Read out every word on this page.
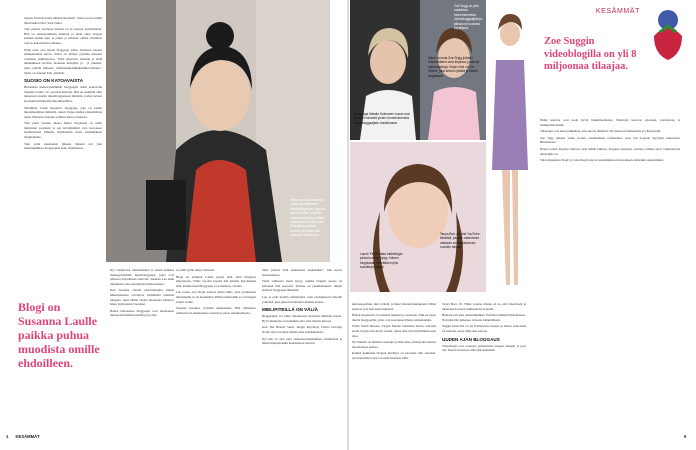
lokaan. Eivät he halua näkää kanveisiin", Seller on korvaillut muotiviikon New York Times.

Vain parissa vuodessa mainen tai ei-vuoteen uusiltamaton. Hän on rekisteröimässä nimensä ja pitää omia vlogeja kolmen tunnin ajan, ja jatkaa ja nahdaan omille sivuilleen vain se kokonainen tarinansa.

Näitä tutut ovat monia bloggaaja jatkaa tiiviiseen nuoren ammattilainen kuvaa. Seller on pitänyt pyörään luksusta ostamaan palkitsijoissa. "Olen mysevärt. Kukaan ei tiedä mitäkäkkeen lavoista luokseen katsojille ja - ja julkisen, jotka pitävät minusta, multkasikkettäkkäkäsikkovahtinut", Seller on sanonut Elle -lehdelle.

SUOSIO ON KATOAVAISTA

Britannian menestyneimmän bloggaajan titteli kantavalle Susanna Laulle, 32, sen tilaa kiistatta. Hän on aiemmin ollut tunnetusti nuoriin muotibloggaajaan ihmisiin, joiden kuvien koostumus miellyttää muotimaailmaa.

Sittemmin Laulle luokseen -bloggaaja, joka on saanut muotimaailman ihmisiltä, kuten Vogue-lehden päätoimittaja Anna Wintouria myöten, julkista tukea ja kiitosta.

Vain parin vuoden aikana hänen blogistaan on tullut lukijoiden suosituin ja sen kävijämäärät ovat kasvaneet merkittävästi. Hänelle myönnettiin myös ensimmäinen blogipalkinto.

Vain parin kuukauden jälkeen hänestä tuli yksi tunnetuimmista bloggaajista koko maailmassa.

Viime vuonna Susanna Laulle sai palkinnon muotibloggaajan, joka on saanut eniten suosiota muotimaailmassa. Bättre mahdollisuus kuin muut. Kannattaa vaihtaa muotiin ja tuoda esiin erilainen näkökulma.

Nyt vaikuttavat tunnetuimmat ja ennen kaikkea menestyneimmät muotibloggaajat, jotka ovat päässeet näytöksissä eturiviin. Susanna Lau istuu rinnakkain alan suurimpien nimien kanssa.

Kun Susanna vieraili muotiviikoilla, hänen näkemyksensä tavoittivat kymmeniä tuhansia lukijoita. Juuri tämän vuoksi muotitalot haluavat hänet näytöstensä vieraaksi.

Hänen kaltaisensa bloggaajat ovat muuttaneet muotijournalismin kenttää pysyvästi.

Blogi on Susanna Laulle paikka puhua muodista omille ehdoilleen.

sä, mitä tyylin tekee ryhtiseen.

Blogi on pohtinut Laulle paljon siitä, mitä blogeissa kirjoitetaan. Viime vuoden lopulla hän julkaisi kirjoituksen siitä, kuinka muotibloggaajat ovat haluttuja vieraita.

Lau toteaa, että blogit antavat äänen niille, joita perinteinen muotimedia ei ole kuunnellut. Hänen mielestään se on blogien suurin voima.

Susanna kuvailee tyyliään eklektiseksi. Hän yhdistelee rohkeasti eri aikakausien vaatteita ja uusia suunnittelijoita.

Siksi pelissä tällä kaukaisesti kaukaisiksi", hän kertoi haastattelussa.

Tässä vaiheessa moni kysyy, kuinka blogien suosio on kasvanut niin nopeasti. Vastaus on yksinkertainen: lukijat kokevat bloggaajat läheisinä.

Lau ei pidä itseään toimittajana vaan ensisijaisesti muodin ystävänä, joka jakaa havaintonsa muiden kanssa.

MIELIPITEILLÄ ON VÄLIÄ

Bloggaajien ovi tullut muotiuraan vieraiden ihmisten kautta. Hyvä mielipide on kuitenkin aina ollut tärkein kriteeri.

Kun The Blonde Salad -blogin kirjoittaja Chiara Ferragni aloitti, hän ei tiennyt mitään alan pelisäännöistä.

Nyt hän on yksi alan vaikutusvaltaisimmista henkilöistä ja hänen mielipiteitään kuunnellaan tarkasti.

4 KESÄMMÄT
Bloggaaja Natalie Kolmanen kuvat ovat tehneet hänestä yhden tunnetuimmista muotibloggaajista maailmassa.
Zoe Sugg on yksi maailman tunnetuimmista videobloggaajista ja jatkaa nyt uraansa kirjailijana.
Laurie Peri tuottaa taideblogia jonka kuvaus löytyy. Hänen blogissaan esitellään myös suosittuja tyylejä.
Tanya Burr on yksi YouTube-tähdistä, joka on rakentanut valtavan seuraajakunnan vuosien aikana.
KESÄMMÄT
Zoe Suggin videoblogilla on yli 8 miljoonaa tilaajaa.

kuin kaupalliset, mm. brändit, ja muut yhteistyökumppanit. Nämä kanavat ovat kasvaneet huimasti.

Hänen blogissaan on tuhansia lukijoita ja seuraajia. Niin on myös muilla bloggaajilla, jotka ovat seuranneet hänen esimerkkiään.

White Youth Disease -blogin Natalie Tolmanen kertoi, että hän aloitti blogin vain huvin vuoksi, mutta siitä tuli myöhemmin uran alku.

Nyt hänellä on tuhansia seuraajia ja hän tekee yhteistyötä suurten muotitalojen kanssa.

Kaiken kaikkiaan blogien merkitys on kasvanut niin suureksi, että muotitalot eivät voi enää sivuuttaa niitä.

Tanya Burr, 18. Viime vuonna tilanne oli se, että videoblogit ja tubettajat nousivat julkisuuteen nopeasti.

Hänestä tuli yksi tunnetuimmista YouTube-tähdistä Britanniassa. Nykyään hän julkaisee videoita säännöllisesti.

Suggin kanavalla on yli 8 miljoonaa tilaajaa ja hänen videoitaan on katsottu satoja miljoonia kertoja.

UUDEN AJAN BLOGGAUS

Videoblogit ovat nousseet perinteisten blogien rinnalle ja jopa ohi. Nuoret seuraavat niitä yhä enemmän.

Nämä kanavat ovat usein hyvin henkilökohtaisia. Tubettajat kertovat arjestaan, vaatteistaan ja meikkivinkeistään.

Tubettajat ovat uusia julkkiksia, joita nuoret ihailevat. He tienaavat mainoksilla ja yhteistyöllä.

Zoe Sugg julkaisi viime vuonna ensimmäisen romaaninsa, josta tuli nopeasti myydyin esikoisteos Britanniassa.

Hänen toinen kirjansa ilmestyi pian tämän jälkeen. Kirjojen menestys osoittaa, kuinka suuri vaikutusvalta tubettajilla on.

Tulevaisuudessa blogit ja videoblogit tulevat todennäköisesti kasvamaan entistäkin suuremmiksi.

Viime vuonna Zoe Sugg julkaisi ensimmäisen oma kirjansa, josta tuli menestyskirja. Kirjan nimi on Girl Online, joka kertoo tytöstä ja hänen blogistaan.
5
